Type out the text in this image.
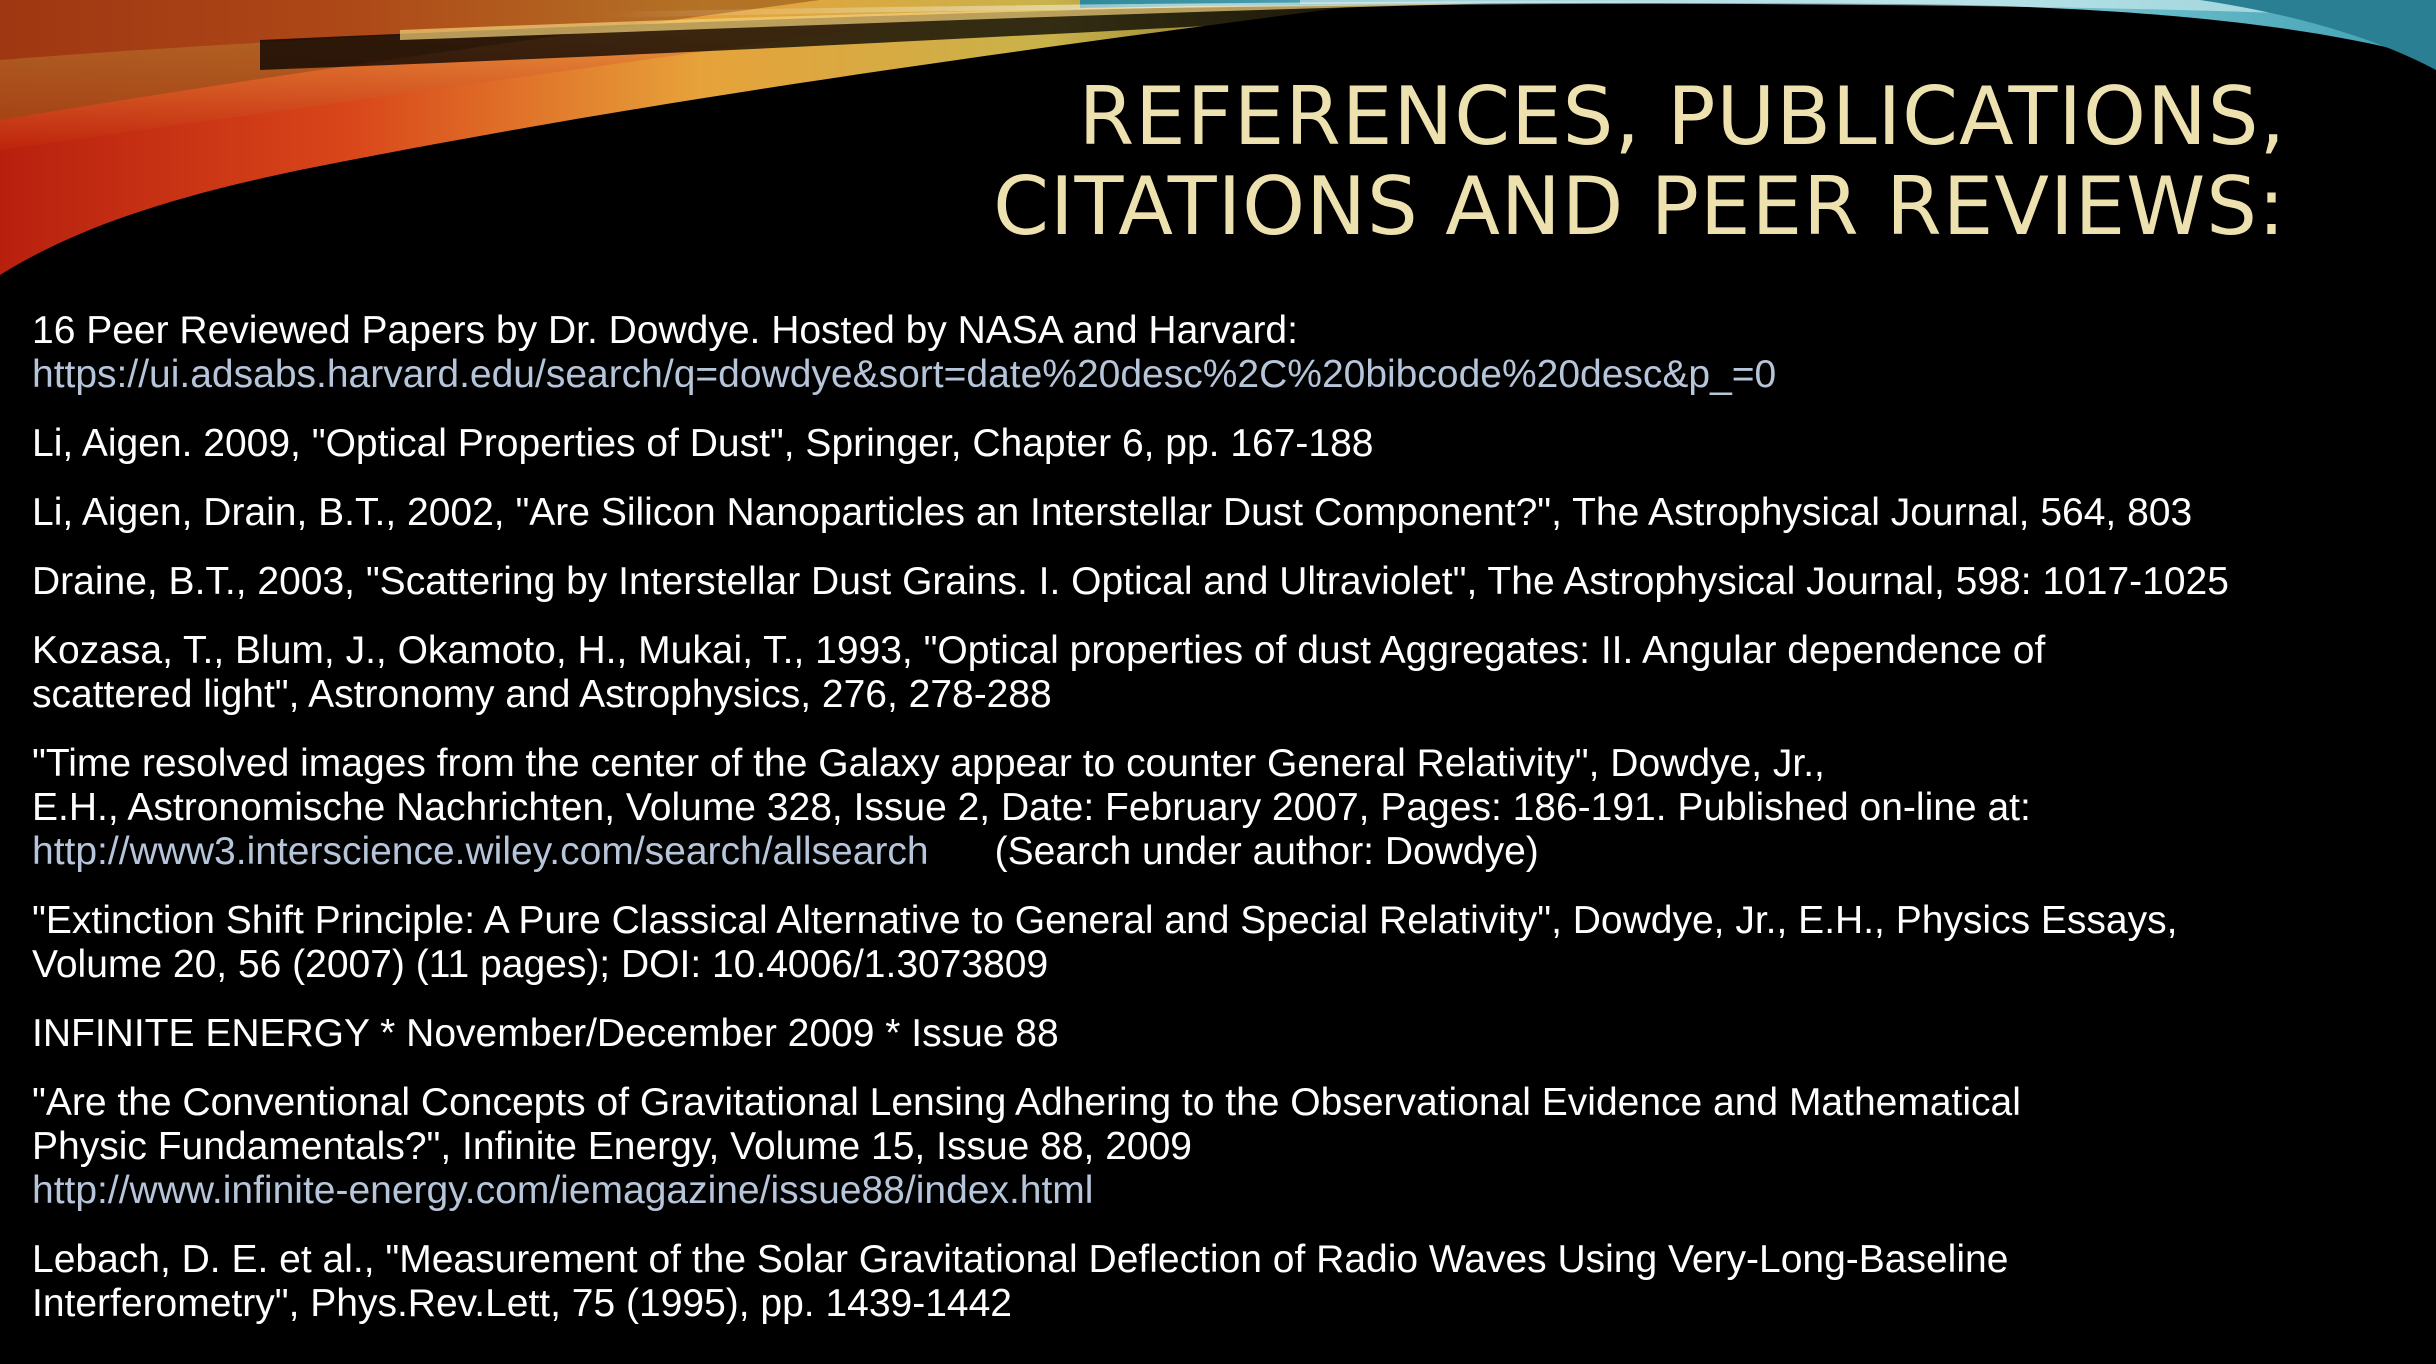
REFERENCES, PUBLICATIONS,
CITATIONS AND PEER REVIEWS:
16 Peer Reviewed Papers by Dr. Dowdye. Hosted by NASA and Harvard:
https://ui.adsabs.harvard.edu/search/q=dowdye&sort=date%20desc%2C%20bibcode%20desc&p_=0
Li, Aigen. 2009, "Optical Properties of Dust", Springer, Chapter 6, pp. 167-188
Li, Aigen, Drain, B.T., 2002, "Are Silicon Nanoparticles an Interstellar Dust Component?", The Astrophysical Journal, 564, 803
Draine, B.T., 2003, "Scattering by Interstellar Dust Grains. I. Optical and Ultraviolet", The Astrophysical Journal, 598: 1017-1025
Kozasa, T., Blum, J., Okamoto, H., Mukai, T., 1993, "Optical properties of dust Aggregates: II. Angular dependence of
scattered light", Astronomy and Astrophysics, 276, 278-288
"Time resolved images from the center of the Galaxy appear to counter General Relativity", Dowdye, Jr.,
E.H., Astronomische Nachrichten, Volume 328, Issue 2, Date: February 2007, Pages: 186-191. Published on-line at:
http://www3.interscience.wiley.com/search/allsearch (Search under author: Dowdye)
"Extinction Shift Principle: A Pure Classical Alternative to General and Special Relativity", Dowdye, Jr., E.H., Physics Essays,
Volume 20, 56 (2007) (11 pages); DOI: 10.4006/1.3073809
INFINITE ENERGY * November/December 2009 * Issue 88
"Are the Conventional Concepts of Gravitational Lensing Adhering to the Observational Evidence and Mathematical
Physic Fundamentals?", Infinite Energy, Volume 15, Issue 88, 2009
http://www.infinite-energy.com/iemagazine/issue88/index.html
Lebach, D. E. et al., "Measurement of the Solar Gravitational Deflection of Radio Waves Using Very-Long-Baseline
Interferometry", Phys.Rev.Lett, 75 (1995), pp. 1439-1442
